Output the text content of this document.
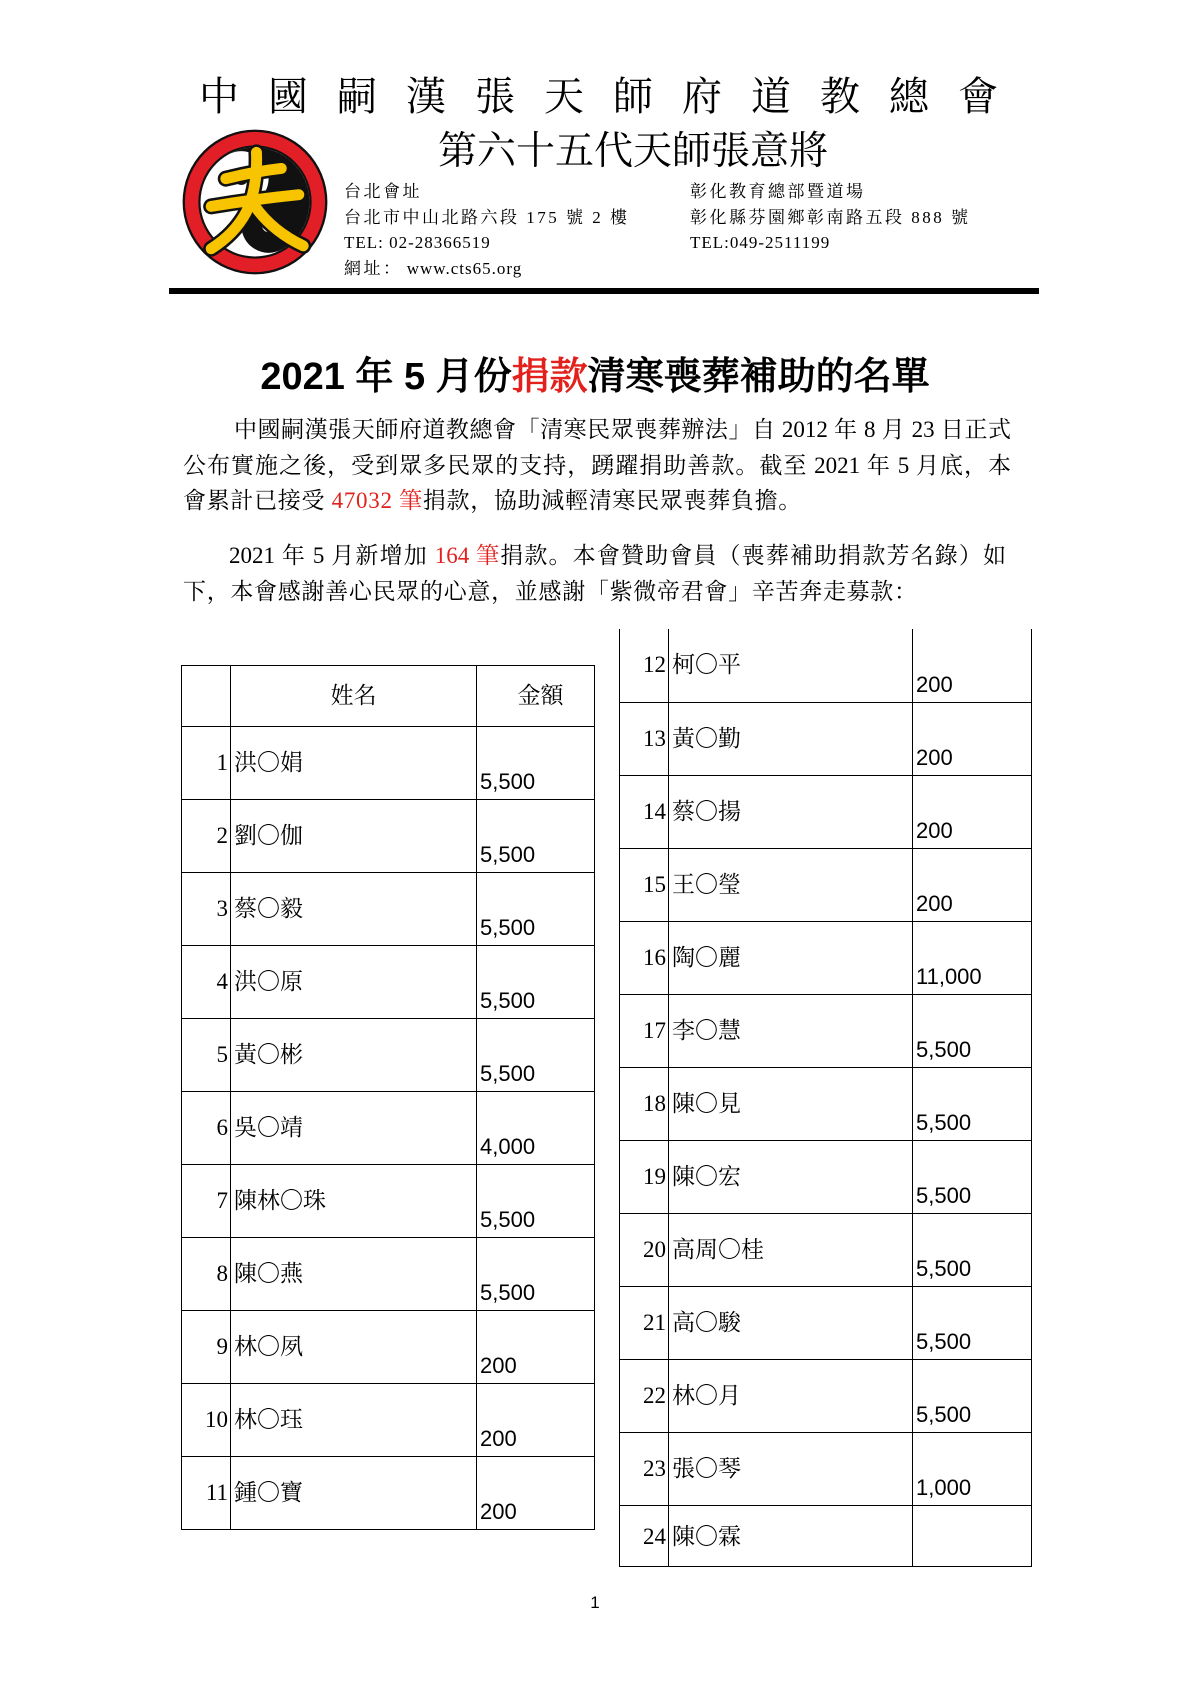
中國嗣漢張天師府道教總會
第六十五代天師張意將
台北會址
台北市中山北路六段 175 號 2 樓
TEL: 02-28366519
網址： www.cts65.org
彰化教育總部暨道場
彰化縣芬園鄉彰南路五段 888 號
TEL:049-2511199
2021 年 5 月份捐款清寒喪葬補助的名單
中國嗣漢張天師府道教總會「清寒民眾喪葬辦法」自 2012 年 8 月 23 日正式
公布實施之後，受到眾多民眾的支持，踴躍捐助善款。截至 2021 年 5 月底，本
會累計已接受 47032 筆捐款，協助減輕清寒民眾喪葬負擔。
2021 年 5 月新增加 164 筆捐款。本會贊助會員（喪葬補助捐款芳名錄）如
下，本會感謝善心民眾的心意，並感謝「紫微帝君會」辛苦奔走募款：
	姓名	金額
1	洪〇娟	5,500
2	劉〇伽	5,500
3	蔡〇毅	5,500
4	洪〇原	5,500
5	黃〇彬	5,500
6	吳〇靖	4,000
7	陳林〇珠	5,500
8	陳〇燕	5,500
9	林〇夙	200
10	林〇珏	200
11	鍾〇寶	200
12	柯〇平	200
13	黃〇勤	200
14	蔡〇揚	200
15	王〇瑩	200
16	陶〇麗	11,000
17	李〇慧	5,500
18	陳〇見	5,500
19	陳〇宏	5,500
20	高周〇桂	5,500
21	高〇駿	5,500
22	林〇月	5,500
23	張〇琴	1,000
24	陳〇霖	
1
